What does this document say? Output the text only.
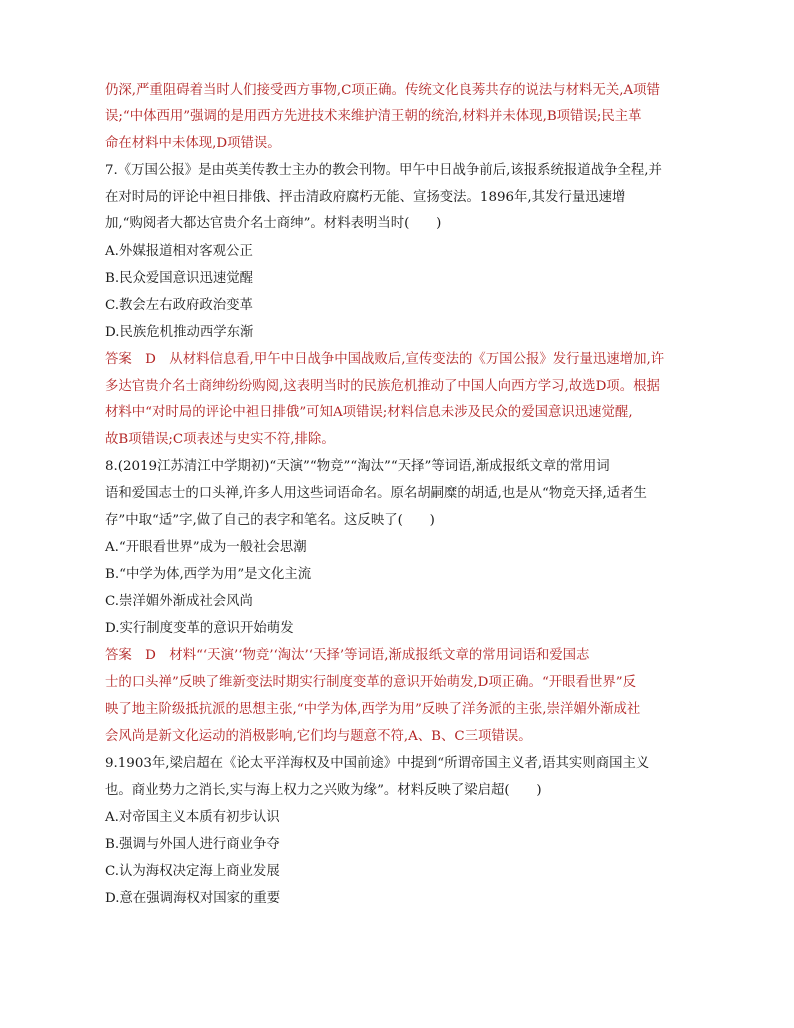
仍深,严重阻碍着当时人们接受西方事物,C项正确。传统文化良莠共存的说法与材料无关,A项错
误;“中体西用”强调的是用西方先进技术来维护清王朝的统治,材料并未体现,B项错误;民主革
命在材料中未体现,D项错误。
7.《万国公报》是由英美传教士主办的教会刊物。甲午中日战争前后,该报系统报道战争全程,并
在对时局的评论中袒日排俄、抨击清政府腐朽无能、宣扬变法。1896年,其发行量迅速增
加,“购阅者大都达官贵介名士商绅”。材料表明当时(　　)
A.外媒报道相对客观公正
B.民众爱国意识迅速觉醒
C.教会左右政府政治变革
D.民族危机推动西学东渐
答案　D　从材料信息看,甲午中日战争中国战败后,宣传变法的《万国公报》发行量迅速增加,许
多达官贵介名士商绅纷纷购阅,这表明当时的民族危机推动了中国人向西方学习,故选D项。根据
材料中“对时局的评论中袒日排俄”可知A项错误;材料信息未涉及民众的爱国意识迅速觉醒,
故B项错误;C项表述与史实不符,排除。
8.(2019江苏清江中学期初)“天演”“物竞”“淘汰”“天择”等词语,渐成报纸文章的常用词
语和爱国志士的口头禅,许多人用这些词语命名。原名胡嗣糜的胡适,也是从“物竞天择,适者生
存”中取“适”字,做了自己的表字和笔名。这反映了(　　)
A.“开眼看世界”成为一般社会思潮
B.“中学为体,西学为用”是文化主流
C.崇洋媚外渐成社会风尚
D.实行制度变革的意识开始萌发
答案　D　材料“‘天演’‘物竞’‘淘汰’‘天择’等词语,渐成报纸文章的常用词语和爱国志
士的口头禅”反映了维新变法时期实行制度变革的意识开始萌发,D项正确。“开眼看世界”反
映了地主阶级抵抗派的思想主张,“中学为体,西学为用”反映了洋务派的主张,崇洋媚外渐成社
会风尚是新文化运动的消极影响,它们均与题意不符,A、B、C三项错误。
9.1903年,梁启超在《论太平洋海权及中国前途》中提到“所谓帝国主义者,语其实则商国主义
也。商业势力之消长,实与海上权力之兴败为缘”。材料反映了梁启超(　　)
A.对帝国主义本质有初步认识
B.强调与外国人进行商业争夺
C.认为海权决定海上商业发展
D.意在强调海权对国家的重要
